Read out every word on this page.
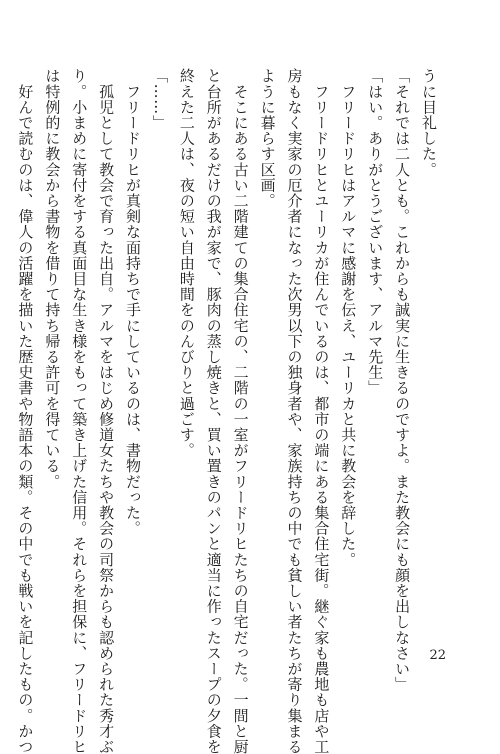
うに目礼した。

「それでは二人とも。これからも誠実に生きるのですよ。また教会にも顔を出しなさい」

「はい。ありがとうございます、アルマ先生」

　フリードリヒはアルマに感謝を伝え、ユーリカと共に教会を辞した。

　フリードリヒとユーリカが住んでいるのは、都市の端にある集合住宅街。継ぐ家も農地も店や工

房もなく実家の厄介者になった次男以下の独身者や、家族持ちの中でも貧しい者たちが寄り集まる

ように暮らす区画。

　そこにある古い二階建ての集合住宅の、二階の一室がフリードリヒたちの自宅だった。一間と厨

と台所があるだけの我が家で、豚肉の蒸し焼きと、買い置きのパンと適当に作ったスープの夕食を

終えた二人は、夜の短い自由時間をのんびりと過ごす。

「……」

　フリードリヒが真剣な面持ちで手にしているのは、書物だった。

　孤児として教会で育った出自。アルマをはじめ修道女たちや教会の司祭からも認められた秀才ぶ

り。小まめに寄付をする真面目な生き様をもって築き上げた信用。それらを担保に、フリードリヒ

は特例的に教会から書物を借りて持ち帰る許可を得ている。

　好んで読むのは、偉人の活躍を描いた歴史書や物語本の類。その中でも戦いを記したもの。かつ	22
